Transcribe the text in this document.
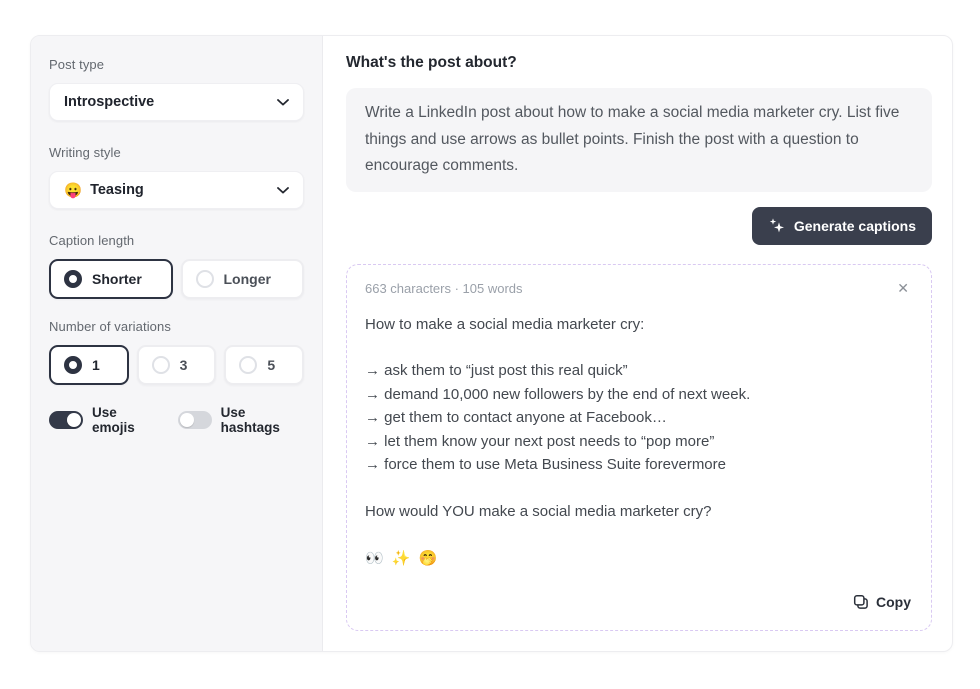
Post type
Introspective
Writing style
😛 Teasing
Caption length
Shorter	Longer
Number of variations
1	3	5
Use emojis
Use hashtags
What's the post about?
Write a LinkedIn post about how to make a social media marketer cry. List five things and use arrows as bullet points. Finish the post with a question to encourage comments.
Generate captions
663 characters · 105 words	✕

How to make a social media marketer cry:

→ ask them to “just post this real quick”
→ demand 10,000 new followers by the end of next week.
→ get them to contact anyone at Facebook…
→ let them know your next post needs to “pop more”
→ force them to use Meta Business Suite forevermore

How would YOU make a social media marketer cry?

👀 ✨ 🤭

Copy
